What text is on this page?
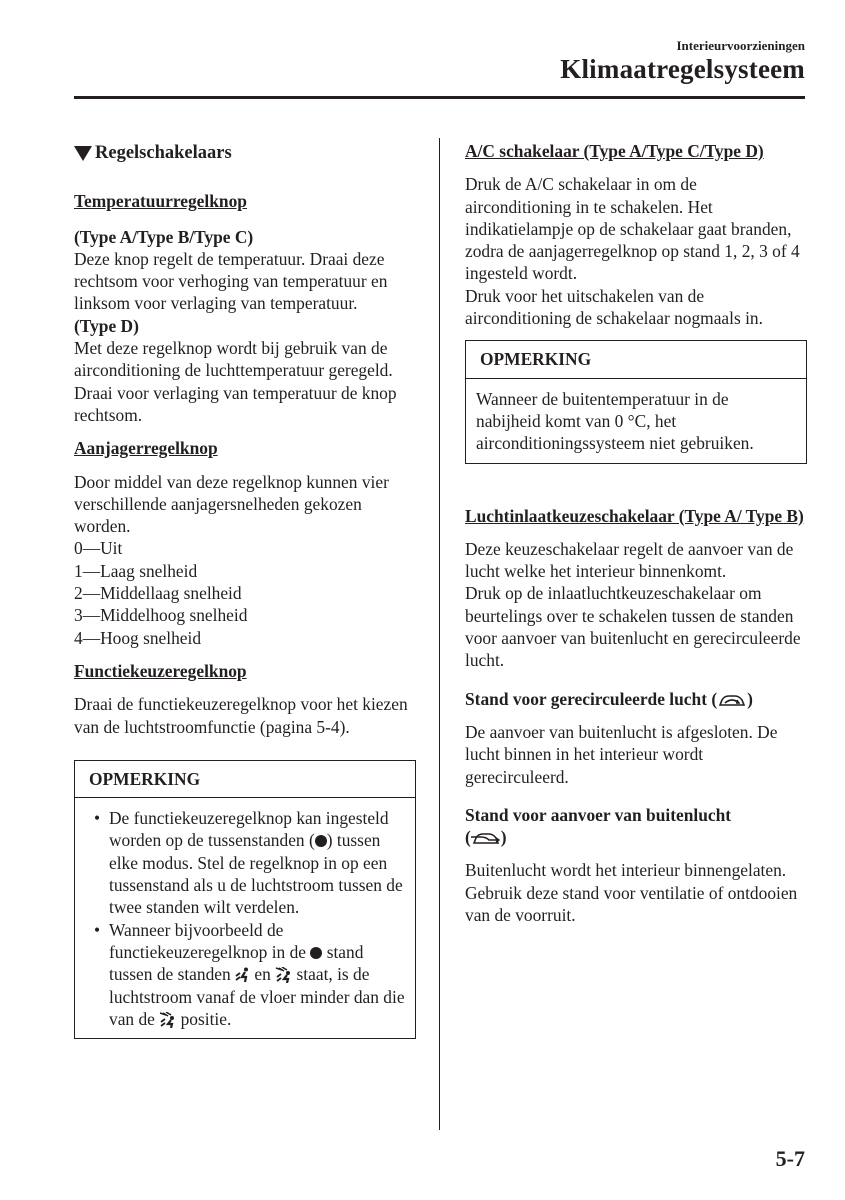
Interieurvoorzieningen
Klimaatregelsysteem
Regelschakelaars
Temperatuurregelknop

(Type A/Type B/Type C)

Deze knop regelt de temperatuur. Draai deze rechtsom voor verhoging van temperatuur en linksom voor verlaging van temperatuur.

(Type D)

Met deze regelknop wordt bij gebruik van de airconditioning de luchttemperatuur geregeld. Draai voor verlaging van temperatuur de knop rechtsom.

Aanjagerregelknop

Door middel van deze regelknop kunnen vier verschillende aanjagersnelheden gekozen worden.

0—Uit

1—Laag snelheid

2—Middellaag snelheid

3—Middelhoog snelheid

4—Hoog snelheid

Functiekeuzeregelknop

Draai de functiekeuzeregelknop voor het kiezen van de luchtstroomfunctie (pagina 5-4).

OPMERKING
• De functiekeuzeregelknop kan ingesteld worden op de tussenstanden ( ) tussen elke modus. Stel de regelknop in op een tussenstand als u de luchtstroom tussen de twee standen wilt verdelen.
• Wanneer bijvoorbeeld de functiekeuzeregelknop in de  stand tussen de standen  en  staat, is de luchtstroom vanaf de vloer minder dan die van de  positie.
A/C schakelaar (Type A/Type C/Type D)

Druk de A/C schakelaar in om de airconditioning in te schakelen. Het indikatielampje op de schakelaar gaat branden, zodra de aanjagerregelknop op stand 1, 2, 3 of 4 ingesteld wordt.

Druk voor het uitschakelen van de airconditioning de schakelaar nogmaals in.

OPMERKING
Wanneer de buitentemperatuur in de nabijheid komt van 0 °C, het airconditioningssysteem niet gebruiken.
Luchtinlaatkeuzeschakelaar (Type A/ Type B)

Deze keuzeschakelaar regelt de aanvoer van de lucht welke het interieur binnenkomt.

Druk op de inlaatluchtkeuzeschakelaar om beurtelings over te schakelen tussen de standen voor aanvoer van buitenlucht en gerecirculeerde lucht.

Stand voor gerecirculeerde lucht ( )

De aanvoer van buitenlucht is afgesloten. De lucht binnen in het interieur wordt gerecirculeerd.

Stand voor aanvoer van buitenlucht

( )

Buitenlucht wordt het interieur binnengelaten. Gebruik deze stand voor ventilatie of ontdooien van de voorruit.

5-7
